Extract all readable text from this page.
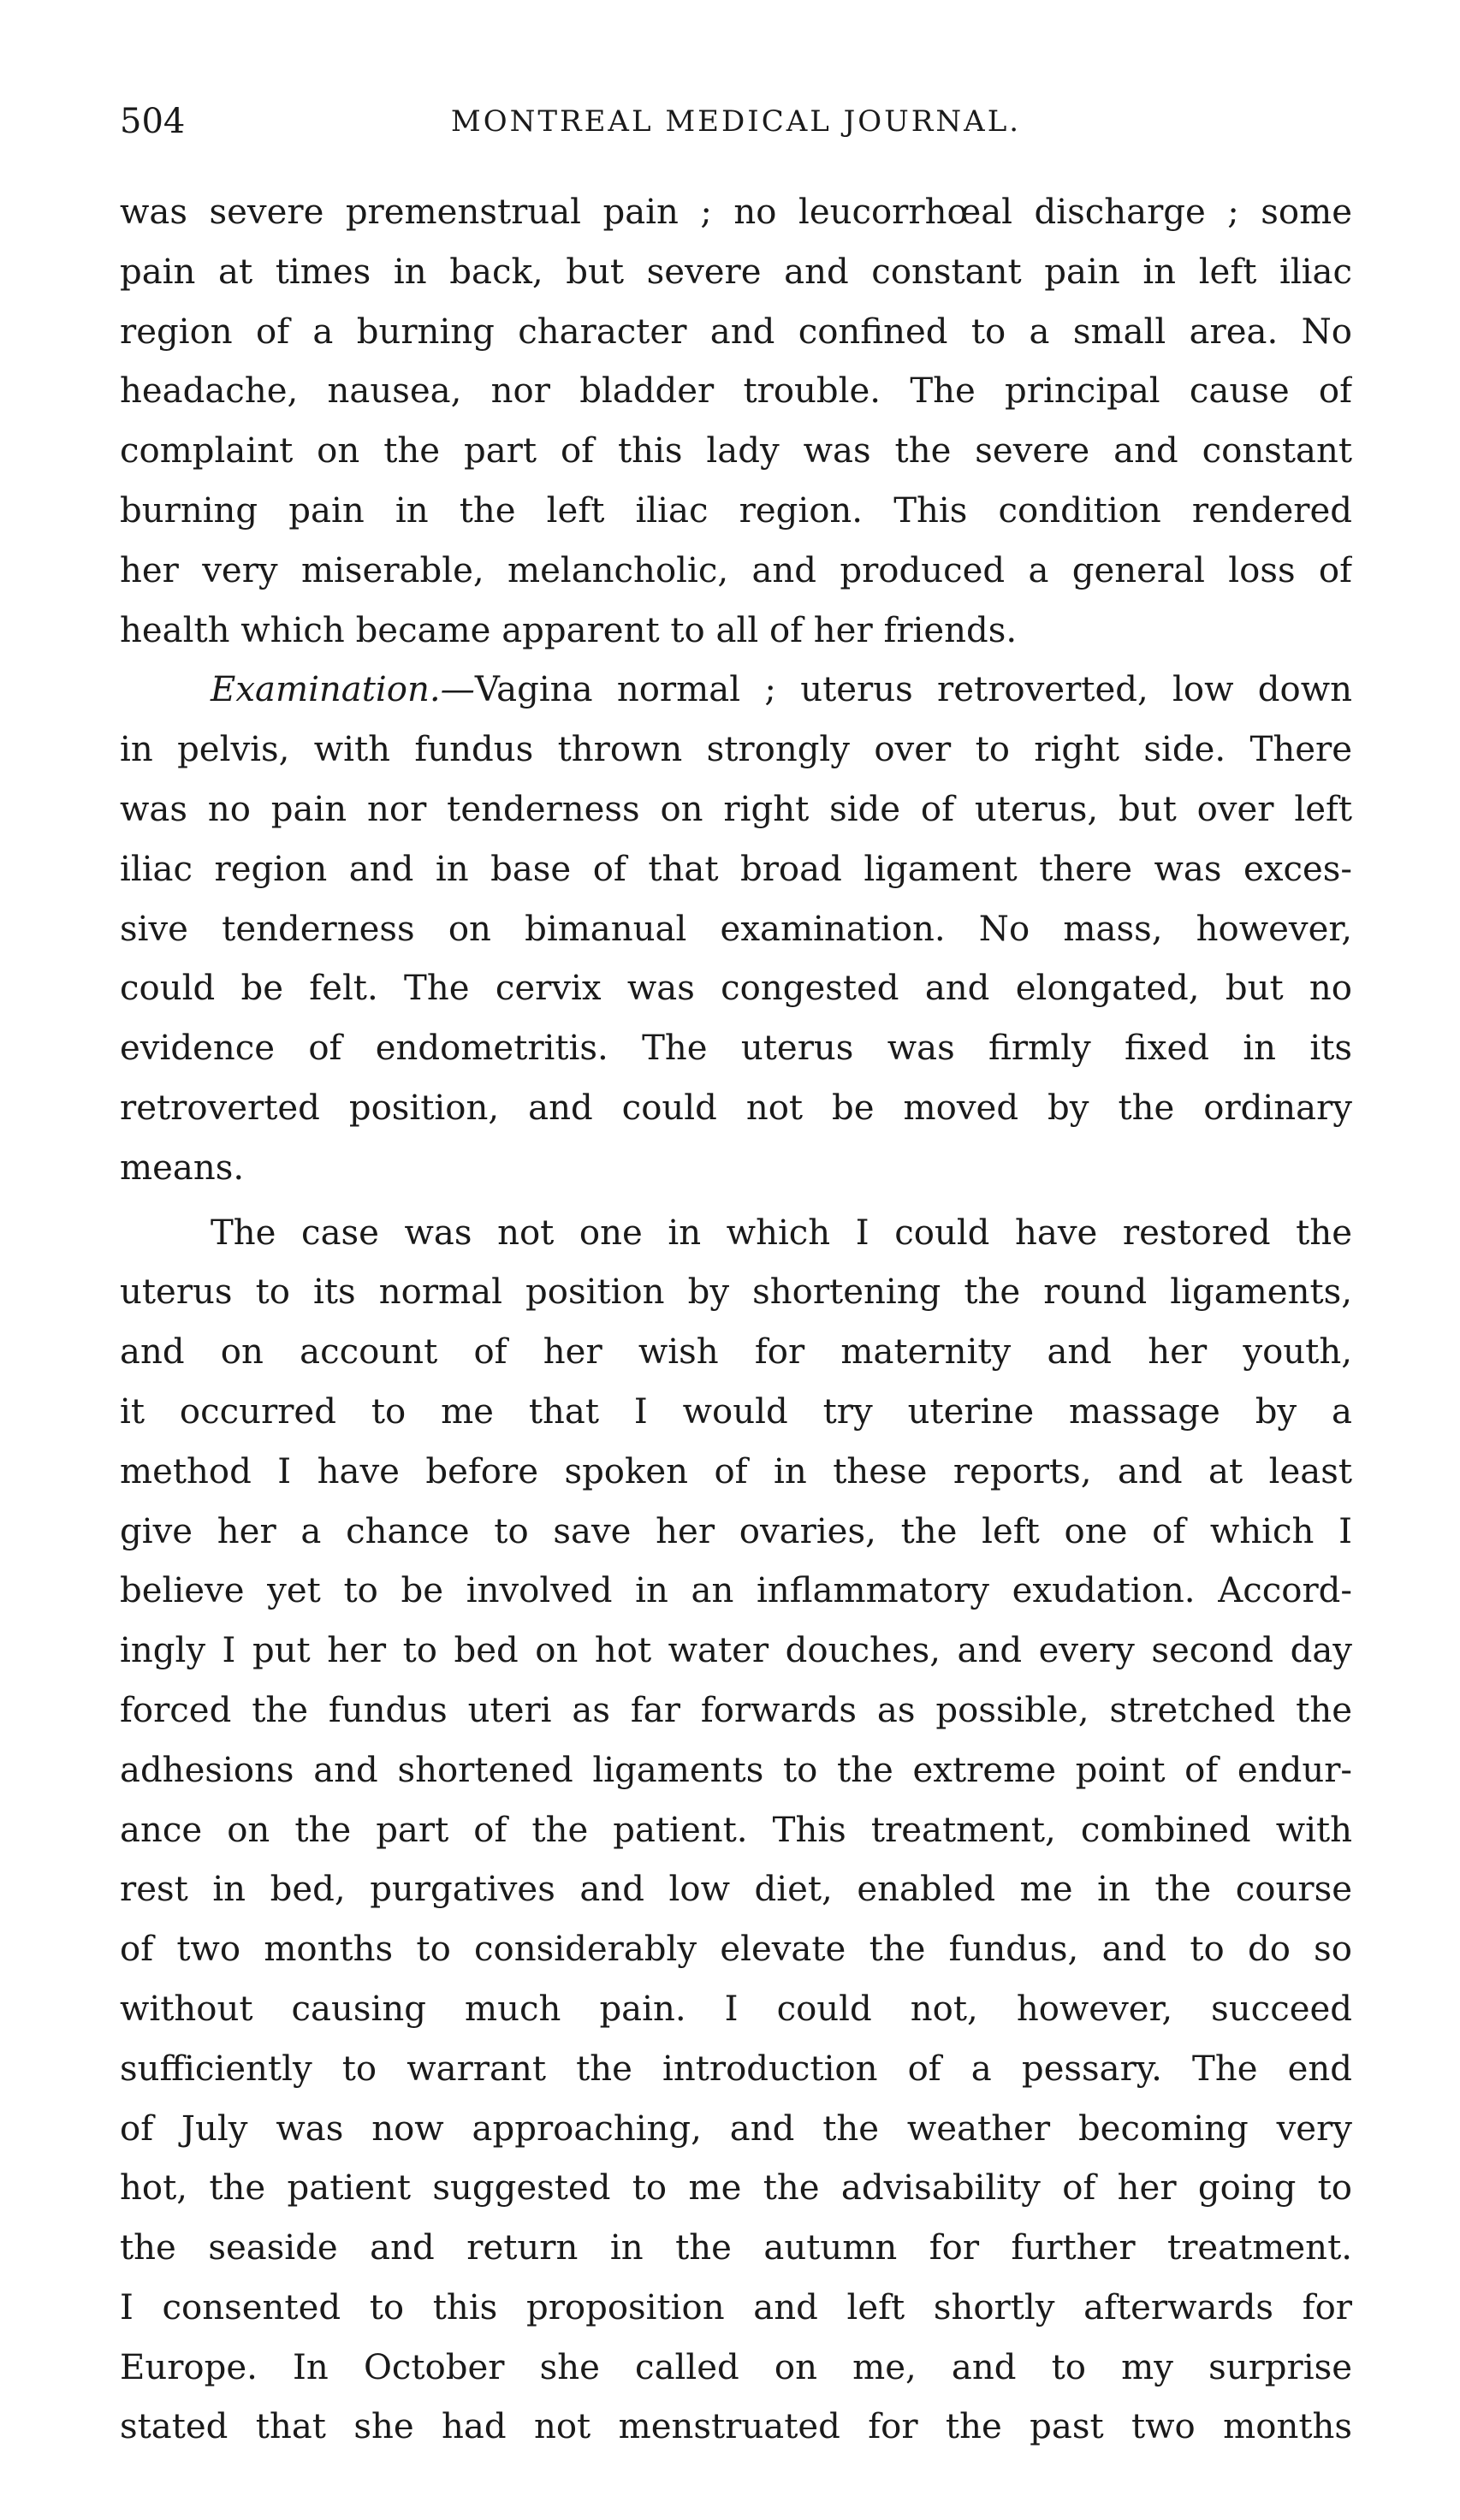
504	MONTREAL MEDICAL JOURNAL.
was severe premenstrual pain ; no leucorrhœal discharge ; some
pain at times in back, but severe and constant pain in left iliac
region of a burning character and confined to a small area. No
headache, nausea, nor bladder trouble. The principal cause of
complaint on the part of this lady was the severe and constant
burning pain in the left iliac region. This condition rendered
her very miserable, melancholic, and produced a general loss of
health which became apparent to all of her friends.
Examination.—Vagina normal ; uterus retroverted, low down
in pelvis, with fundus thrown strongly over to right side. There
was no pain nor tenderness on right side of uterus, but over left
iliac region and in base of that broad ligament there was exces-
sive tenderness on bimanual examination. No mass, however,
could be felt. The cervix was congested and elongated, but no
evidence of endometritis. The uterus was firmly fixed in its
retroverted position, and could not be moved by the ordinary
means.
The case was not one in which I could have restored the
uterus to its normal position by shortening the round ligaments,
and on account of her wish for maternity and her youth,
it occurred to me that I would try uterine massage by a
method I have before spoken of in these reports, and at least
give her a chance to save her ovaries, the left one of which I
believe yet to be involved in an inflammatory exudation. Accord-
ingly I put her to bed on hot water douches, and every second day
forced the fundus uteri as far forwards as possible, stretched the
adhesions and shortened ligaments to the extreme point of endur-
ance on the part of the patient. This treatment, combined with
rest in bed, purgatives and low diet, enabled me in the course
of two months to considerably elevate the fundus, and to do so
without causing much pain. I could not, however, succeed
sufficiently to warrant the introduction of a pessary. The end
of July was now approaching, and the weather becoming very
hot, the patient suggested to me the advisability of her going to
the seaside and return in the autumn for further treatment.
I consented to this proposition and left shortly afterwards for
Europe. In October she called on me, and to my surprise
stated that she had not menstruated for the past two months
